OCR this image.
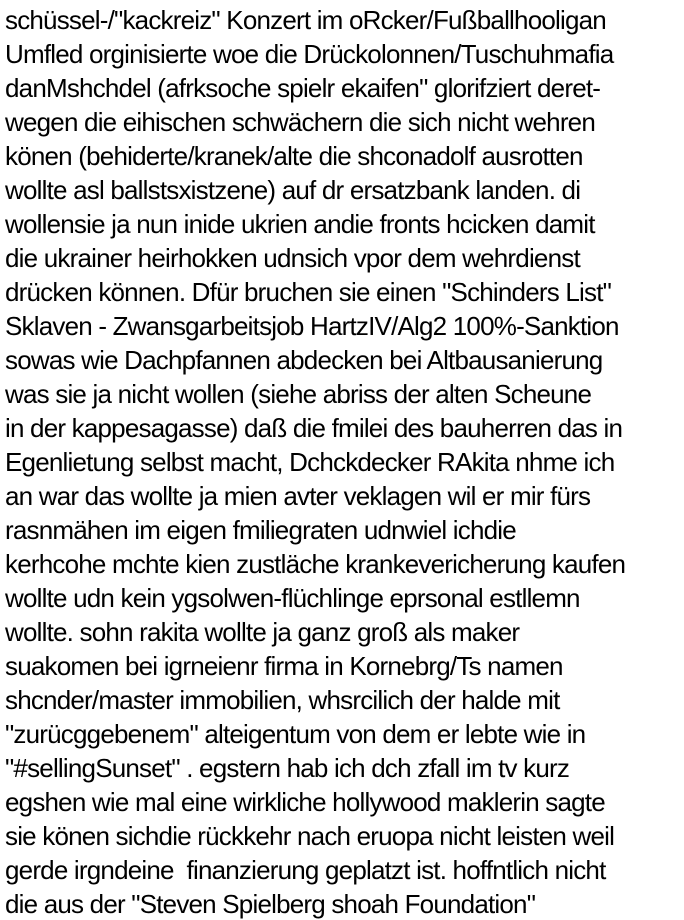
schüssel-/"kackreiz" Konzert im oRcker/Fußballhooligan
Umfled orginisierte woe die Drückolonnen/Tuschuhmafia
danMshchdel (afrksoche spielr ekaifen" glorifziert deret-
wegen die eihischen schwächern die sich nicht wehren
könen (behiderte/kranek/alte die shconadolf ausrotten
wollte asl ballstsxistzene) auf dr ersatzbank landen. di
wollensie ja nun inide ukrien andie fronts hcicken damit
die ukrainer heirhokken udnsich vpor dem wehrdienst
drücken können. Dfür bruchen sie einen "Schinders List"
Sklaven - Zwansgarbeitsjob HartzIV/Alg2 100%-Sanktion
sowas wie Dachpfannen abdecken bei Altbausanierung
was sie ja nicht wollen (siehe abriss der alten Scheune
in der kappesagasse) daß die fmilei des bauherren das in
Egenlietung selbst macht, Dchckdecker RAkita nhme ich
an war das wollte ja mien avter veklagen wil er mir fürs
rasnmähen im eigen fmiliegraten udnwiel ichdie
kerhcohe mchte kien zustläche krankevericherung kaufen
wollte udn kein ygsolwen-flüchlinge eprsonal estllemn
wollte. sohn rakita wollte ja ganz groß als maker
suakomen bei igrneienr firma in Kornebrg/Ts namen
shcnder/master immobilien, whsrcilich der halde mit
"zurücggebenem" alteigentum von dem er lebte wie in
"#sellingSunset" . egstern hab ich dch zfall im tv kurz
egshen wie mal eine wirkliche hollywood maklerin sagte
sie könen sichdie rückkehr nach eruopa nicht leisten weil
gerde irgndeine  finanzierung geplatzt ist. hoffntlich nicht
die aus der "Steven Spielberg shoah Foundation"
